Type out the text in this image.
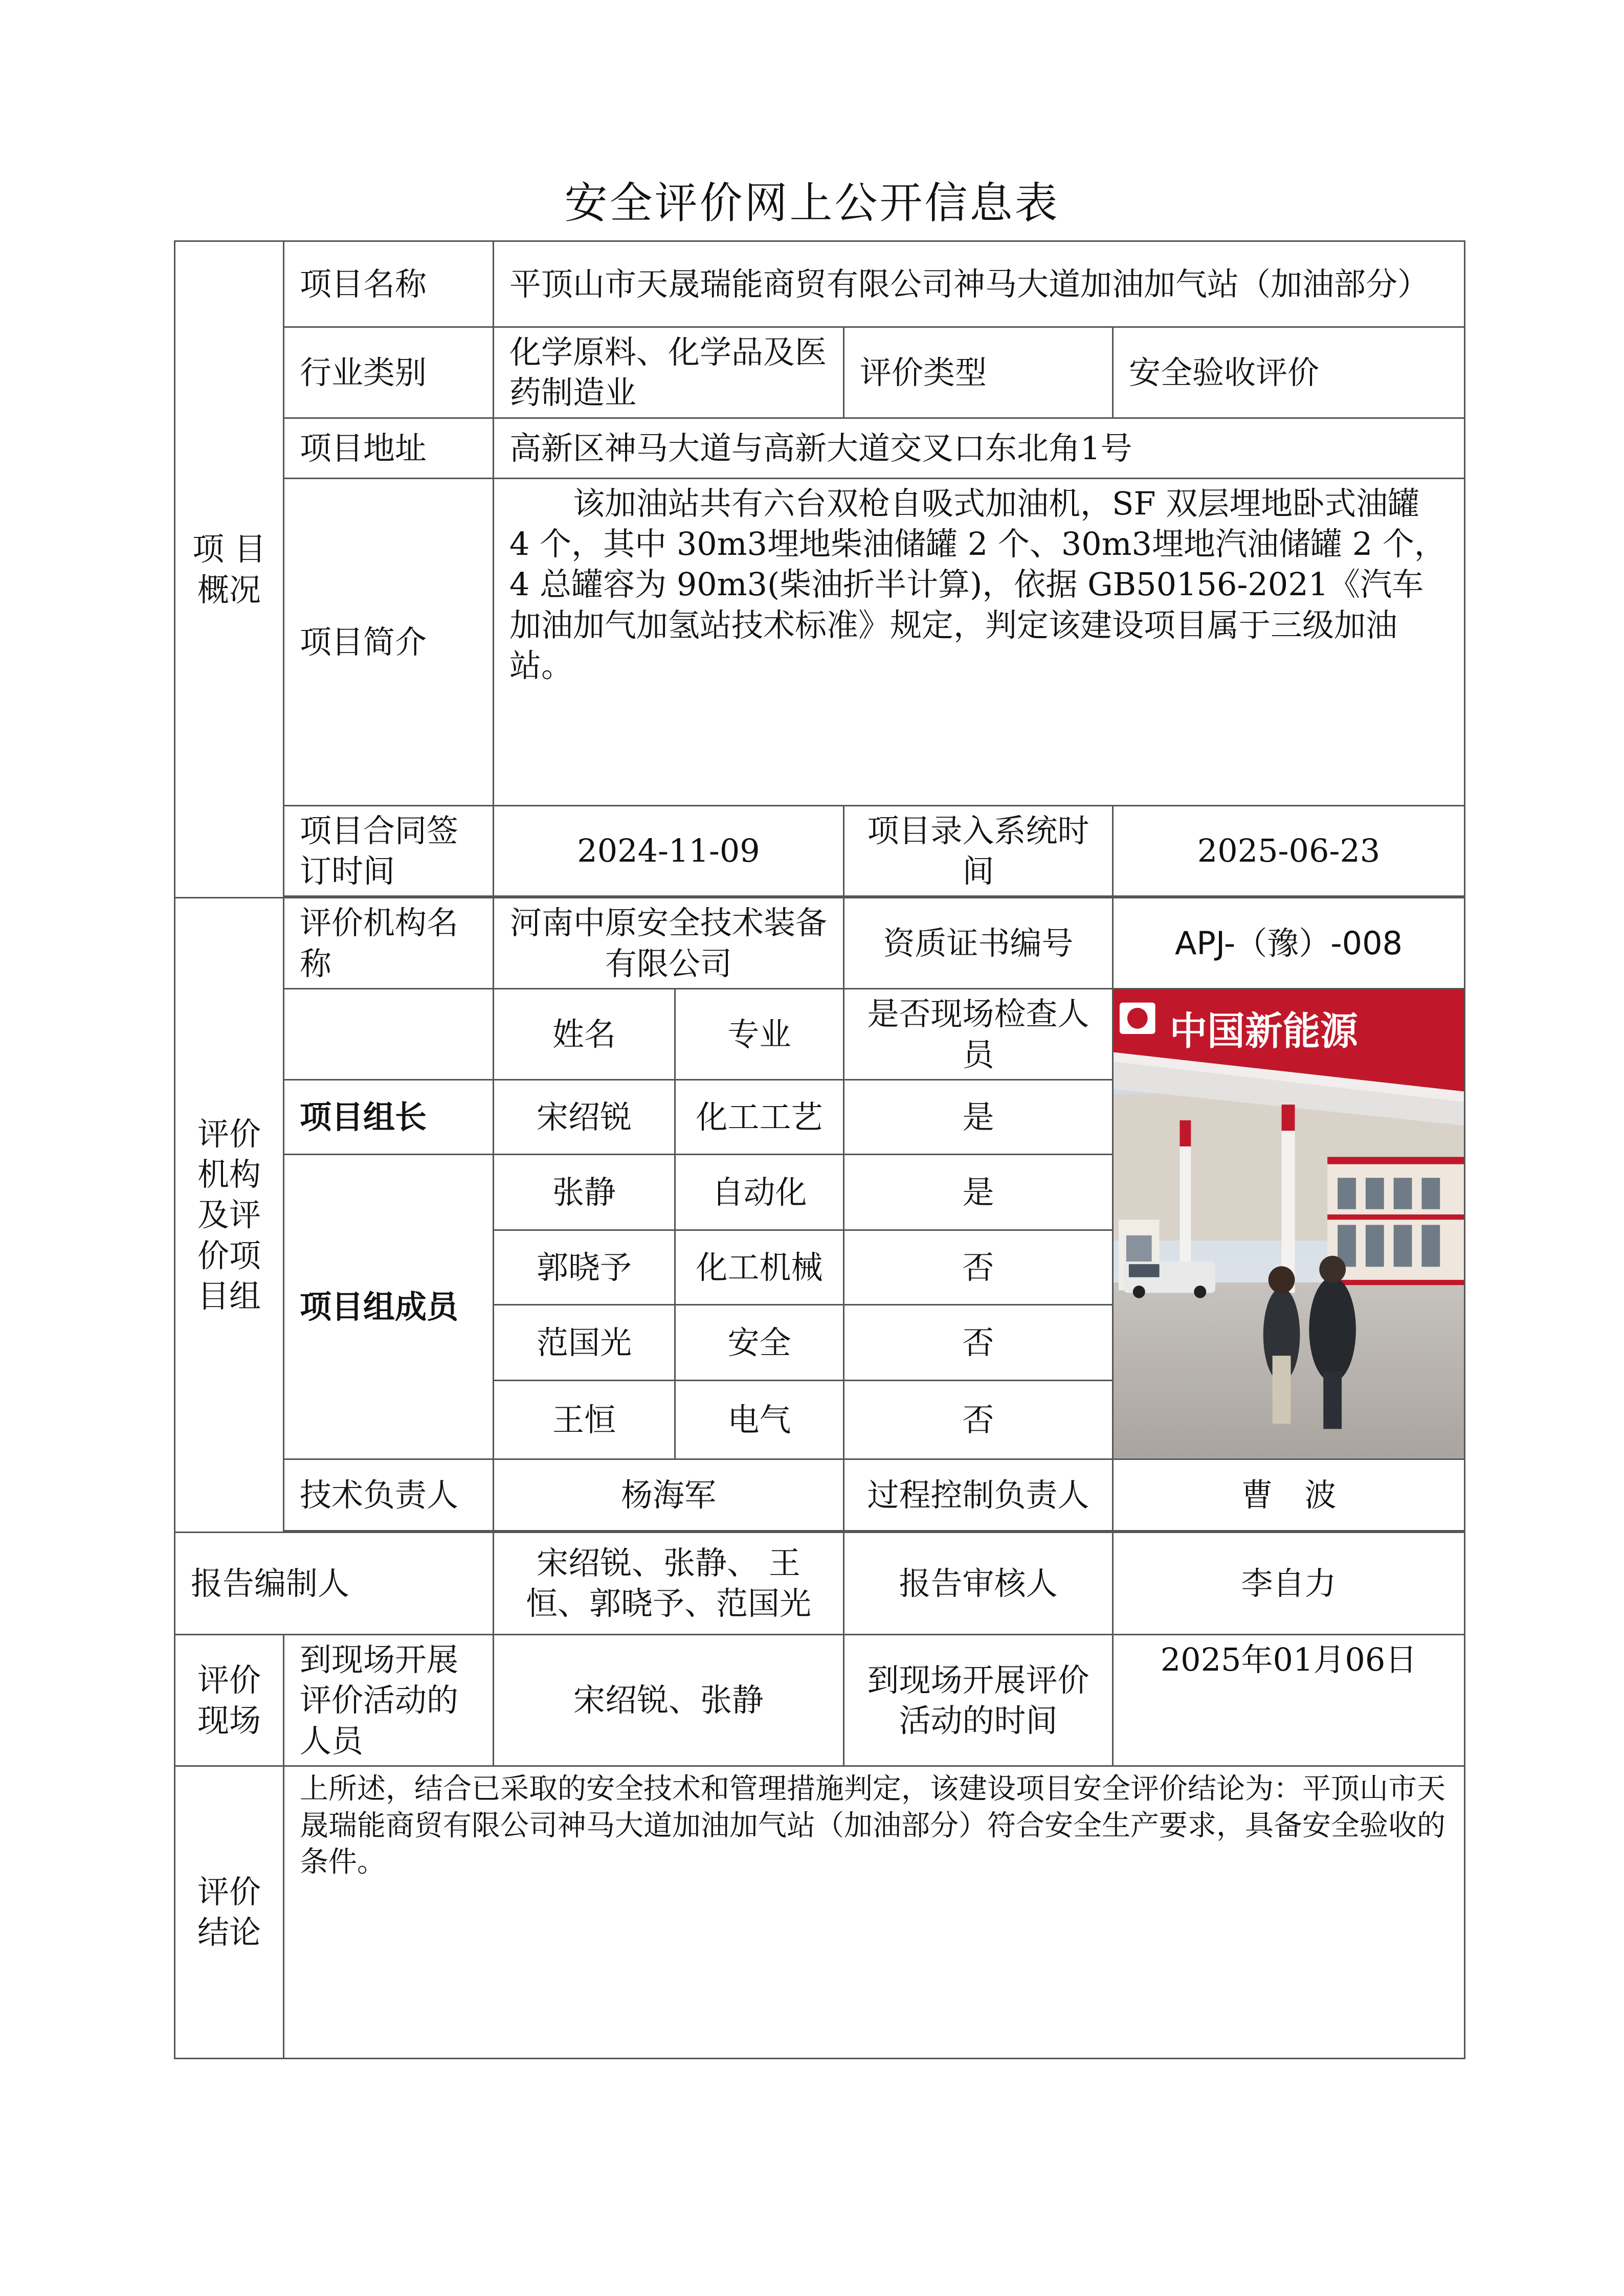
安全评价网上公开信息表
项 目
概况	项目名称	平顶山市天晟瑞能商贸有限公司神马大道加油加气站（加油部分）			
	行业类别	化学原料、化学品及医药制造业		评价类型	安全验收评价
	项目地址	高新区神马大道与高新大道交叉口东北角1号			
	项目简介	该加油站共有六台双枪自吸式加油机，SF 双层埋地卧式油罐 4 个，其中 30m3埋地柴油储罐 2 个、30m3埋地汽油储罐 2 个，4 总罐容为 90m3(柴油折半计算)，依据 GB50156-2021《汽车加油加气加氢站技术标准》规定，判定该建设项目属于三级加油站。			
	项目合同签订时间	2024-11-09		项目录入系统时间	2025-06-23

评价
机构
及评
价项
目组	评价机构名称	河南中原安全技术装备有限公司		资质证书编号	APJ-（豫）-008
		姓名	专业	是否现场检查人员	中国新能源

	项目组长	宋绍锐	化工工艺	是	
	项目组成员	张静	自动化	是	
		郭晓予	化工机械	否	
		范国光	安全	否	
		王恒	电气	否	
	技术负责人	杨海军		过程控制负责人	曹　波

报告编制人		宋绍锐、张静、 王恒、郭晓予、范国光		报告审核人	李自力
评价
现场	到现场开展评价活动的人员	宋绍锐、张静		到现场开展评价活动的时间	2025年01月06日
评价
结论	上所述，结合已采取的安全技术和管理措施判定，该建设项目安全评价结论为：平顶山市天晟瑞能商贸有限公司神马大道加油加气站（加油部分）符合安全生产要求，具备安全验收的条件。				
